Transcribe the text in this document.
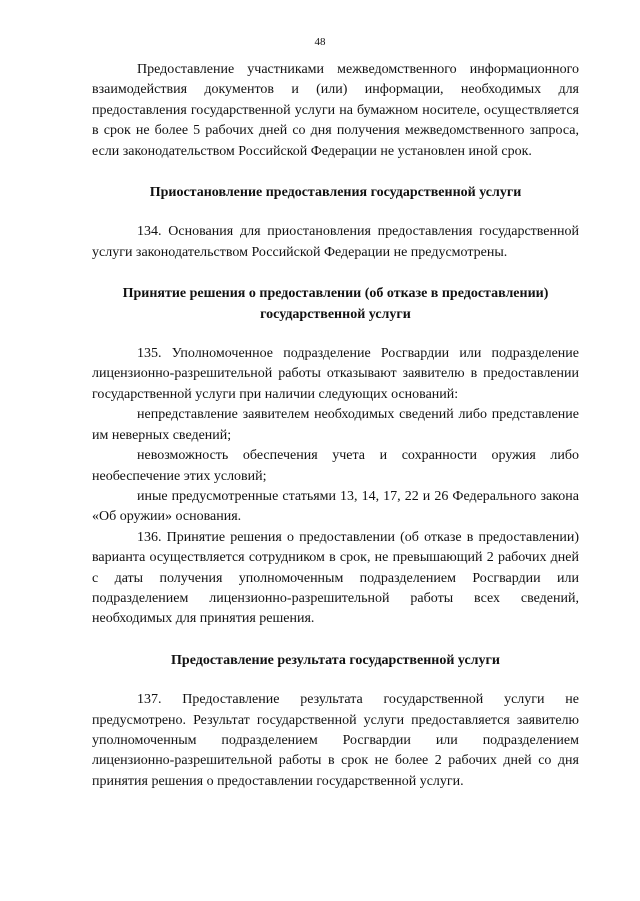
48

Предоставление участниками межведомственного информационного взаимодействия документов и (или) информации, необходимых для предоставления государственной услуги на бумажном носителе, осуществляется в срок не более 5 рабочих дней со дня получения межведомственного запроса, если законодательством Российской Федерации не установлен иной срок.

Приостановление предоставления государственной услуги

134. Основания для приостановления предоставления государственной услуги законодательством Российской Федерации не предусмотрены.

Принятие решения о предоставлении (об отказе в предоставлении) государственной услуги

135. Уполномоченное подразделение Росгвардии или подразделение лицензионно-разрешительной работы отказывают заявителю в предоставлении государственной услуги при наличии следующих оснований:

непредставление заявителем необходимых сведений либо представление им неверных сведений;

невозможность обеспечения учета и сохранности оружия либо необеспечение этих условий;

иные предусмотренные статьями 13, 14, 17, 22 и 26 Федерального закона «Об оружии» основания.

136. Принятие решения о предоставлении (об отказе в предоставлении) варианта осуществляется сотрудником в срок, не превышающий 2 рабочих дней с даты получения уполномоченным подразделением Росгвардии или подразделением лицензионно-разрешительной работы всех сведений, необходимых для принятия решения.

Предоставление результата государственной услуги

137. Предоставление результата государственной услуги не предусмотрено. Результат государственной услуги предоставляется заявителю уполномоченным подразделением Росгвардии или подразделением лицензионно-разрешительной работы в срок не более 2 рабочих дней со дня принятия решения о предоставлении государственной услуги.
